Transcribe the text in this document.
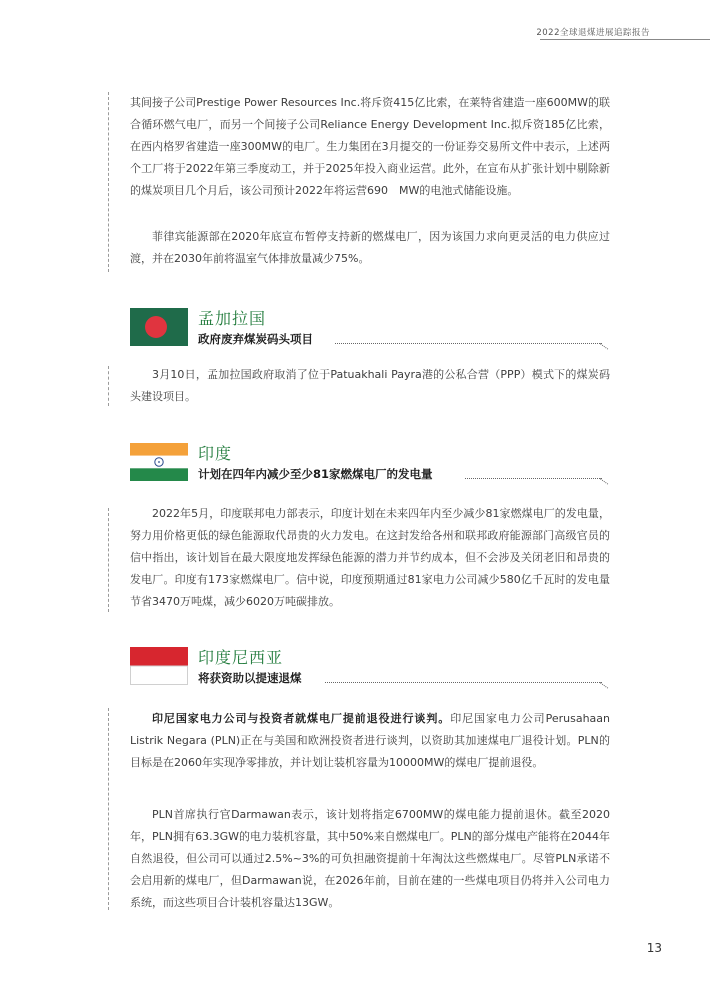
2022全球退煤进展追踪报告

其间接子公司Prestige Power Resources Inc.将斥资415亿比索，在莱特省建造一座600MW的联合循环燃气电厂，而另一个间接子公司Reliance Energy Development Inc.拟斥资185亿比索，在西内格罗省建造一座300MW的电厂。生力集团在3月提交的一份证券交易所文件中表示，上述两个工厂将于2022年第三季度动工，并于2025年投入商业运营。此外，在宣布从扩张计划中剔除新的煤炭项目几个月后，该公司预计2022年将运营690　MW的电池式储能设施。

菲律宾能源部在2020年底宣布暂停支持新的燃煤电厂，因为该国力求向更灵活的电力供应过渡，并在2030年前将温室气体排放量减少75%。

孟加拉国
政府废弃煤炭码头项目

3月10日，孟加拉国政府取消了位于Patuakhali Payra港的公私合营（PPP）模式下的煤炭码头建设项目。

印度
计划在四年内减少至少81家燃煤电厂的发电量

2022年5月，印度联邦电力部表示，印度计划在未来四年内至少减少81家燃煤电厂的发电量，努力用价格更低的绿色能源取代昂贵的火力发电。在这封发给各州和联邦政府能源部门高级官员的信中指出，该计划旨在最大限度地发挥绿色能源的潜力并节约成本，但不会涉及关闭老旧和昂贵的发电厂。印度有173家燃煤电厂。信中说，印度预期通过81家电力公司减少580亿千瓦时的发电量节省3470万吨煤，减少6020万吨碳排放。

印度尼西亚
将获资助以提速退煤

印尼国家电力公司与投资者就煤电厂提前退役进行谈判。印尼国家电力公司Perusahaan Listrik Negara (PLN)正在与美国和欧洲投资者进行谈判，以资助其加速煤电厂退役计划。PLN的目标是在2060年实现净零排放，并计划让装机容量为10000MW的煤电厂提前退役。

PLN首席执行官Darmawan表示，该计划将指定6700MW的煤电能力提前退休。截至2020年，PLN拥有63.3GW的电力装机容量，其中50%来自燃煤电厂。PLN的部分煤电产能将在2044年自然退役，但公司可以通过2.5%~3%的可负担融资提前十年淘汰这些燃煤电厂。尽管PLN承诺不会启用新的煤电厂，但Darmawan说，在2026年前，目前在建的一些煤电项目仍将并入公司电力系统，而这些项目合计装机容量达13GW。

13
